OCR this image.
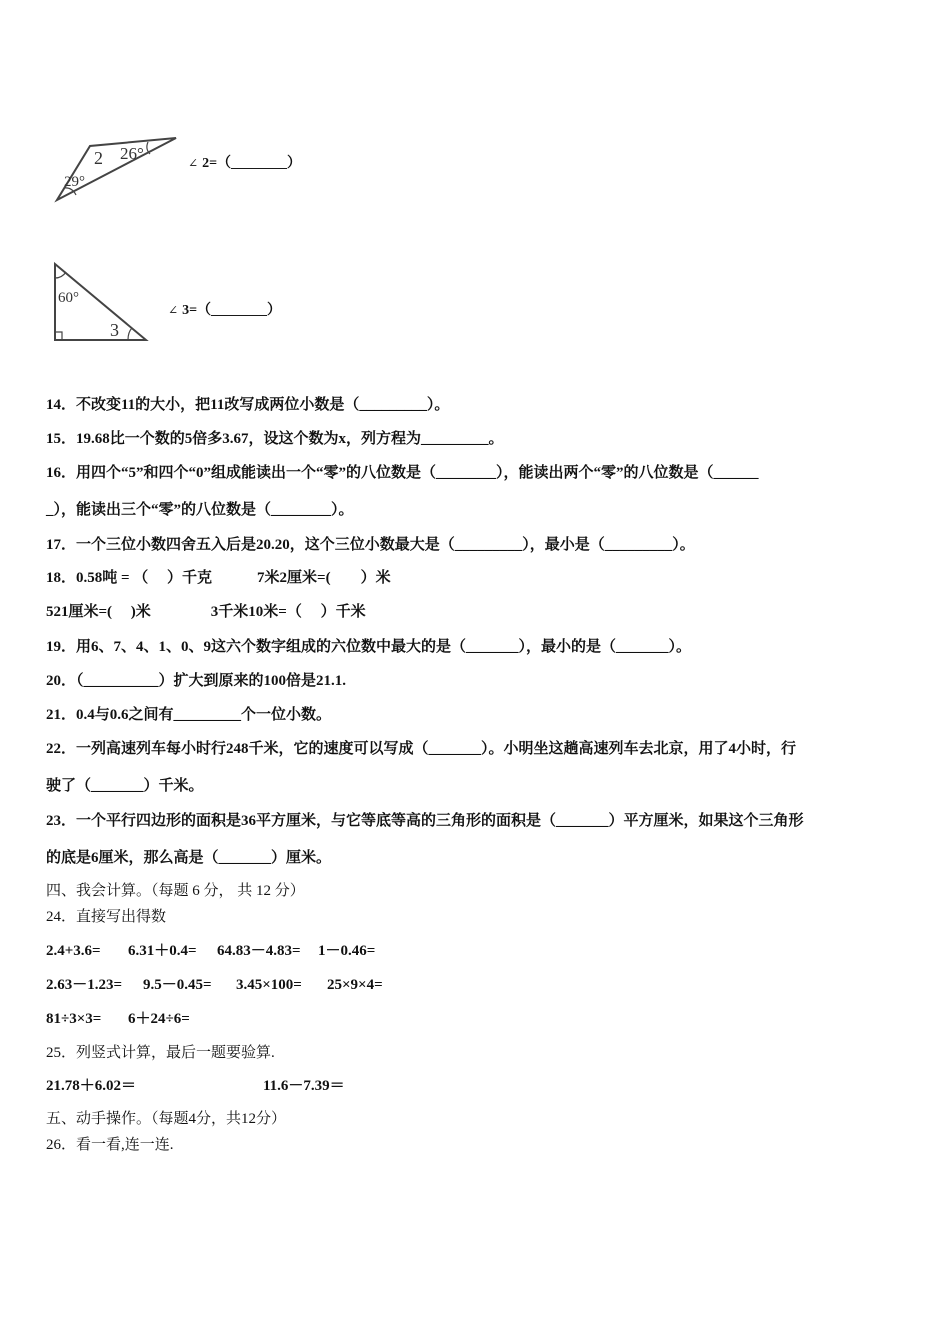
2 26°
29°
∠ 2=（________）
60°
3
∠ 3=（________）
14．不改变11的大小，把11改写成两位小数是（_________）。
15．19.68比一个数的5倍多3.67，设这个数为x，列方程为_________。
16．用四个“5”和四个“0”组成能读出一个“零”的八位数是（________），能读出两个“零”的八位数是（______
_），能读出三个“零”的八位数是（________）。
17．一个三位小数四舍五入后是20.20，这个三位小数最大是（_________），最小是（_________）。
18．0.58吨 = （　 ）千克　　　7米2厘米=(　　）米
521厘米=(　 )米　　　　3千米10米=（　 ）千米
19．用6、7、4、1、0、9这六个数字组成的六位数中最大的是（_______），最小的是（_______）。
20．（__________）扩大到原来的100倍是21.1.
21．0.4与0.6之间有_________个一位小数。
22．一列高速列车每小时行248千米，它的速度可以写成（_______）。小明坐这趟高速列车去北京，用了4小时，行
驶了（_______）千米。
23．一个平行四边形的面积是36平方厘米，与它等底等高的三角形的面积是（_______）平方厘米，如果这个三角形
的底是6厘米，那么高是（_______）厘米。
四、我会计算。（每题 6 分， 共 12 分）
24．直接写出得数
2.4+3.6= 6.31＋0.4= 64.83－4.83= 1－0.46=
2.63－1.23= 9.5－0.45= 3.45×100= 25×9×4=
81÷3×3= 6＋24÷6=
25．列竖式计算，最后一题要验算.
21.78＋6.02＝	11.6－7.39＝
五、动手操作。（每题4分，共12分）
26．看一看,连一连.
